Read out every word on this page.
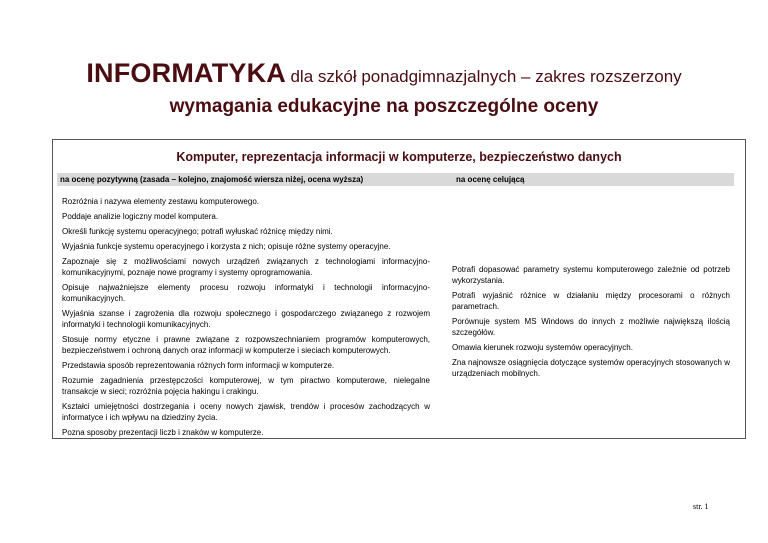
INFORMATYKA dla szkół ponadgimnazjalnych – zakres rozszerzony
wymagania edukacyjne na poszczególne oceny
Komputer, reprezentacja informacji w komputerze, bezpieczeństwo danych
na ocenę pozytywną (zasada – kolejno, znajomość wiersza niżej, ocena wyższa)	na ocenę celującą

Rozróżnia i nazywa elementy zestawu komputerowego.

Poddaje analizie logiczny model komputera.

Określi funkcję systemu operacyjnego; potrafi wyłuskać różnicę między nimi.

Wyjaśnia funkcje systemu operacyjnego i korzysta z nich; opisuje różne systemy operacyjne.

Zapoznaje się z możliwościami nowych urządzeń związanych z technologiami informacyjno-komunikacyjnymi, poznaje nowe programy i systemy oprogramowania.

Opisuje najważniejsze elementy procesu rozwoju informatyki i technologii informacyjno-komunikacyjnych.

Wyjaśnia szanse i zagrożenia dla rozwoju społecznego i gospodarczego związanego z rozwojem informatyki i technologii komunikacyjnych.

Stosuje normy etyczne i prawne związane z rozpowszechnianiem programów komputerowych, bezpieczeństwem i ochroną danych oraz informacji w komputerze i sieciach komputerowych.

Przedstawia sposób reprezentowania różnych form informacji w komputerze.

Rozumie zagadnienia przestępczości komputerowej, w tym piractwo komputerowe, nielegalne transakcje w sieci; rozróżnia pojęcia hakingu i crakingu.

Kształci umiejętności dostrzegania i oceny nowych zjawisk, trendów i procesów zachodzących w informatyce i ich wpływu na dziedziny życia.

Pozna sposoby prezentacji liczb i znaków w komputerze.

Potrafi dopasować parametry systemu komputerowego zależnie od potrzeb wykorzystania.

Potrafi wyjaśnić różnice w działaniu między procesorami o różnych parametrach.

Porównuje system MS Windows do innych z możliwie największą ilością szczegółów.

Omawia kierunek rozwoju systemów operacyjnych.

Zna najnowsze osiągnięcia dotyczące systemów operacyjnych stosowanych w urządzeniach mobilnych.

str. 1
